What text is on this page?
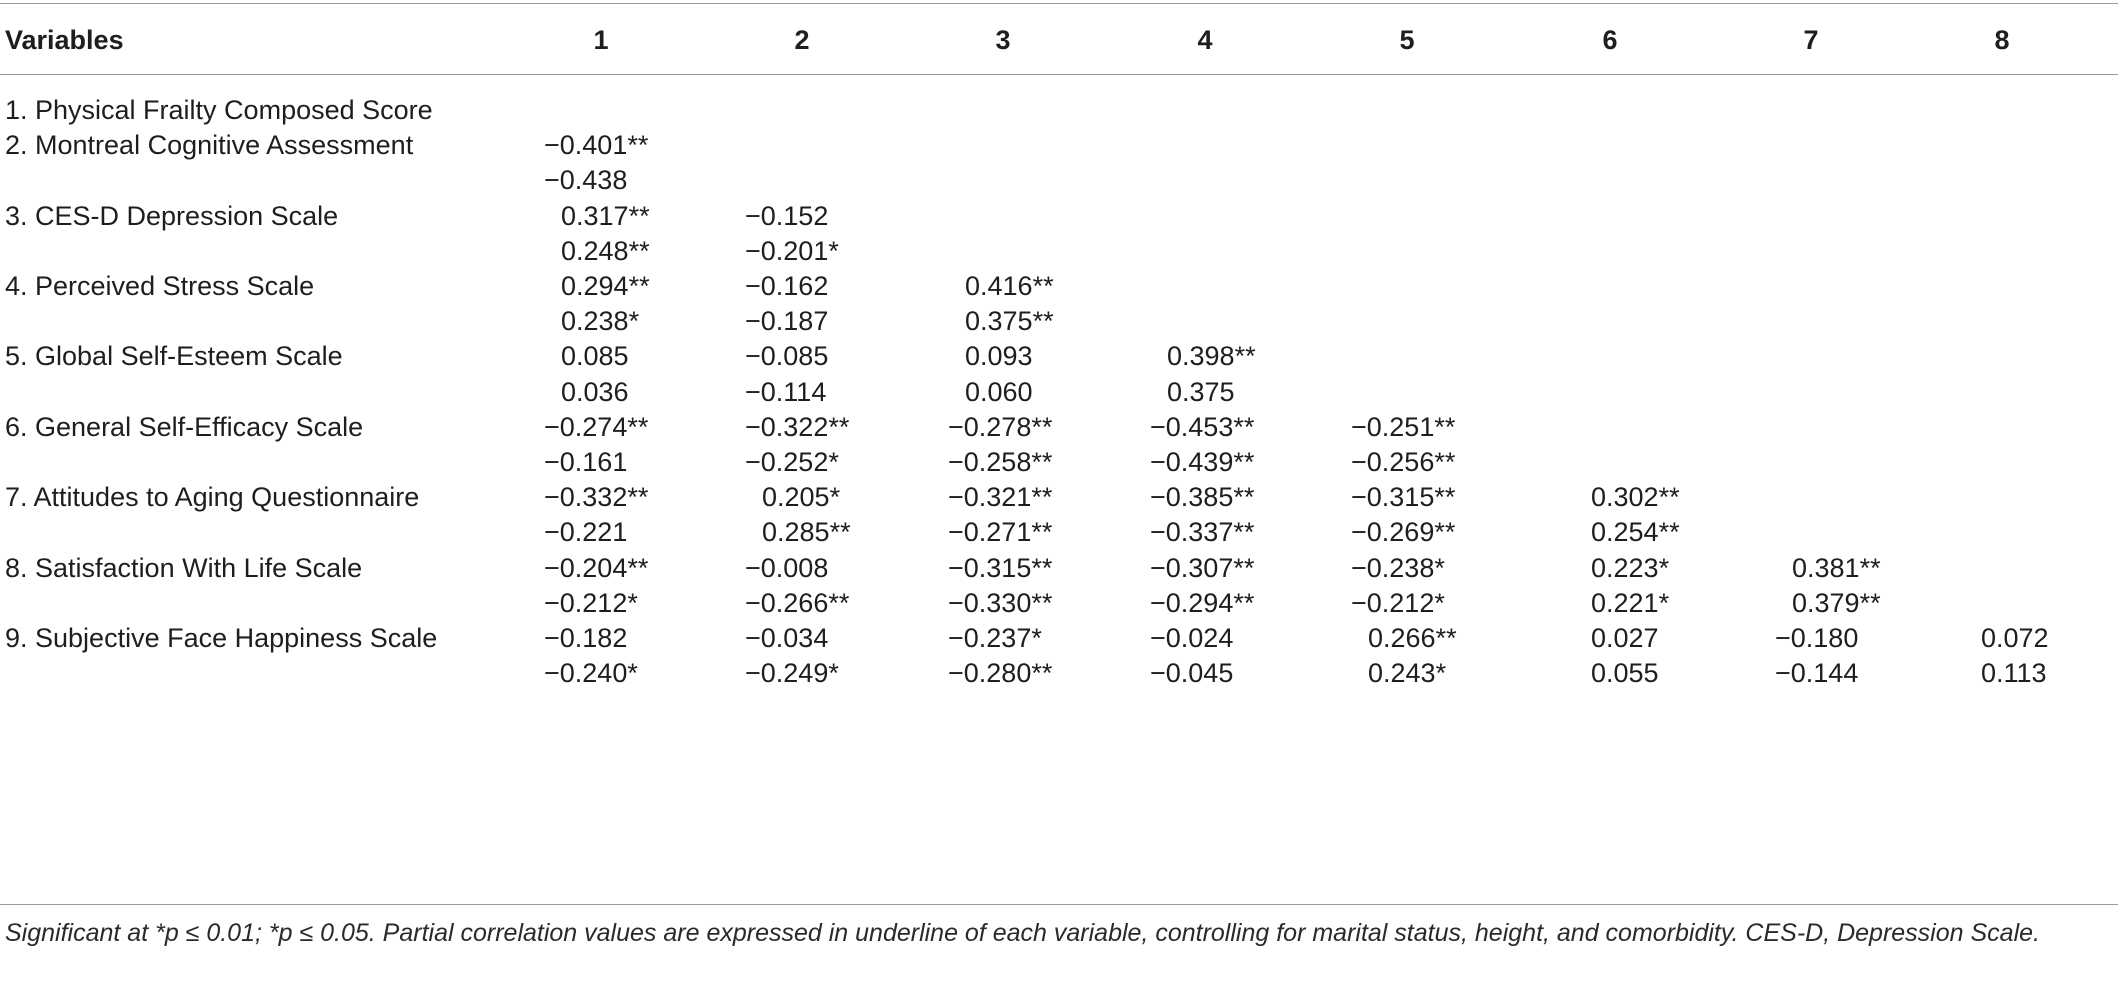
Variables	1	2	3	4	5	6	7	8
1. Physical Frailty Composed Score
2. Montreal Cognitive Assessment	−0.401**
−0.438
3. CES-D Depression Scale	0.317**	−0.152
0.248**	−0.201*
4. Perceived Stress Scale	0.294**	−0.162	0.416**
0.238*	−0.187	0.375**
5. Global Self-Esteem Scale	0.085	−0.085	0.093	0.398**
0.036	−0.114	0.060	0.375
6. General Self-Efficacy Scale	−0.274**	−0.322**	−0.278**	−0.453**	−0.251**
−0.161	−0.252*	−0.258**	−0.439**	−0.256**
7. Attitudes to Aging Questionnaire	−0.332**	0.205*	−0.321**	−0.385**	−0.315**	0.302**
−0.221	0.285**	−0.271**	−0.337**	−0.269**	0.254**
8. Satisfaction With Life Scale	−0.204**	−0.008	−0.315**	−0.307**	−0.238*	0.223*	0.381**
−0.212*	−0.266**	−0.330**	−0.294**	−0.212*	0.221*	0.379**
9. Subjective Face Happiness Scale	−0.182	−0.034	−0.237*	−0.024	0.266**	0.027	−0.180	0.072
−0.240*	−0.249*	−0.280**	−0.045	0.243*	0.055	−0.144	0.113
Significant at *p ≤ 0.01; *p ≤ 0.05. Partial correlation values are expressed in underline of each variable, controlling for marital status, height, and comorbidity. CES-D, Depression Scale.
